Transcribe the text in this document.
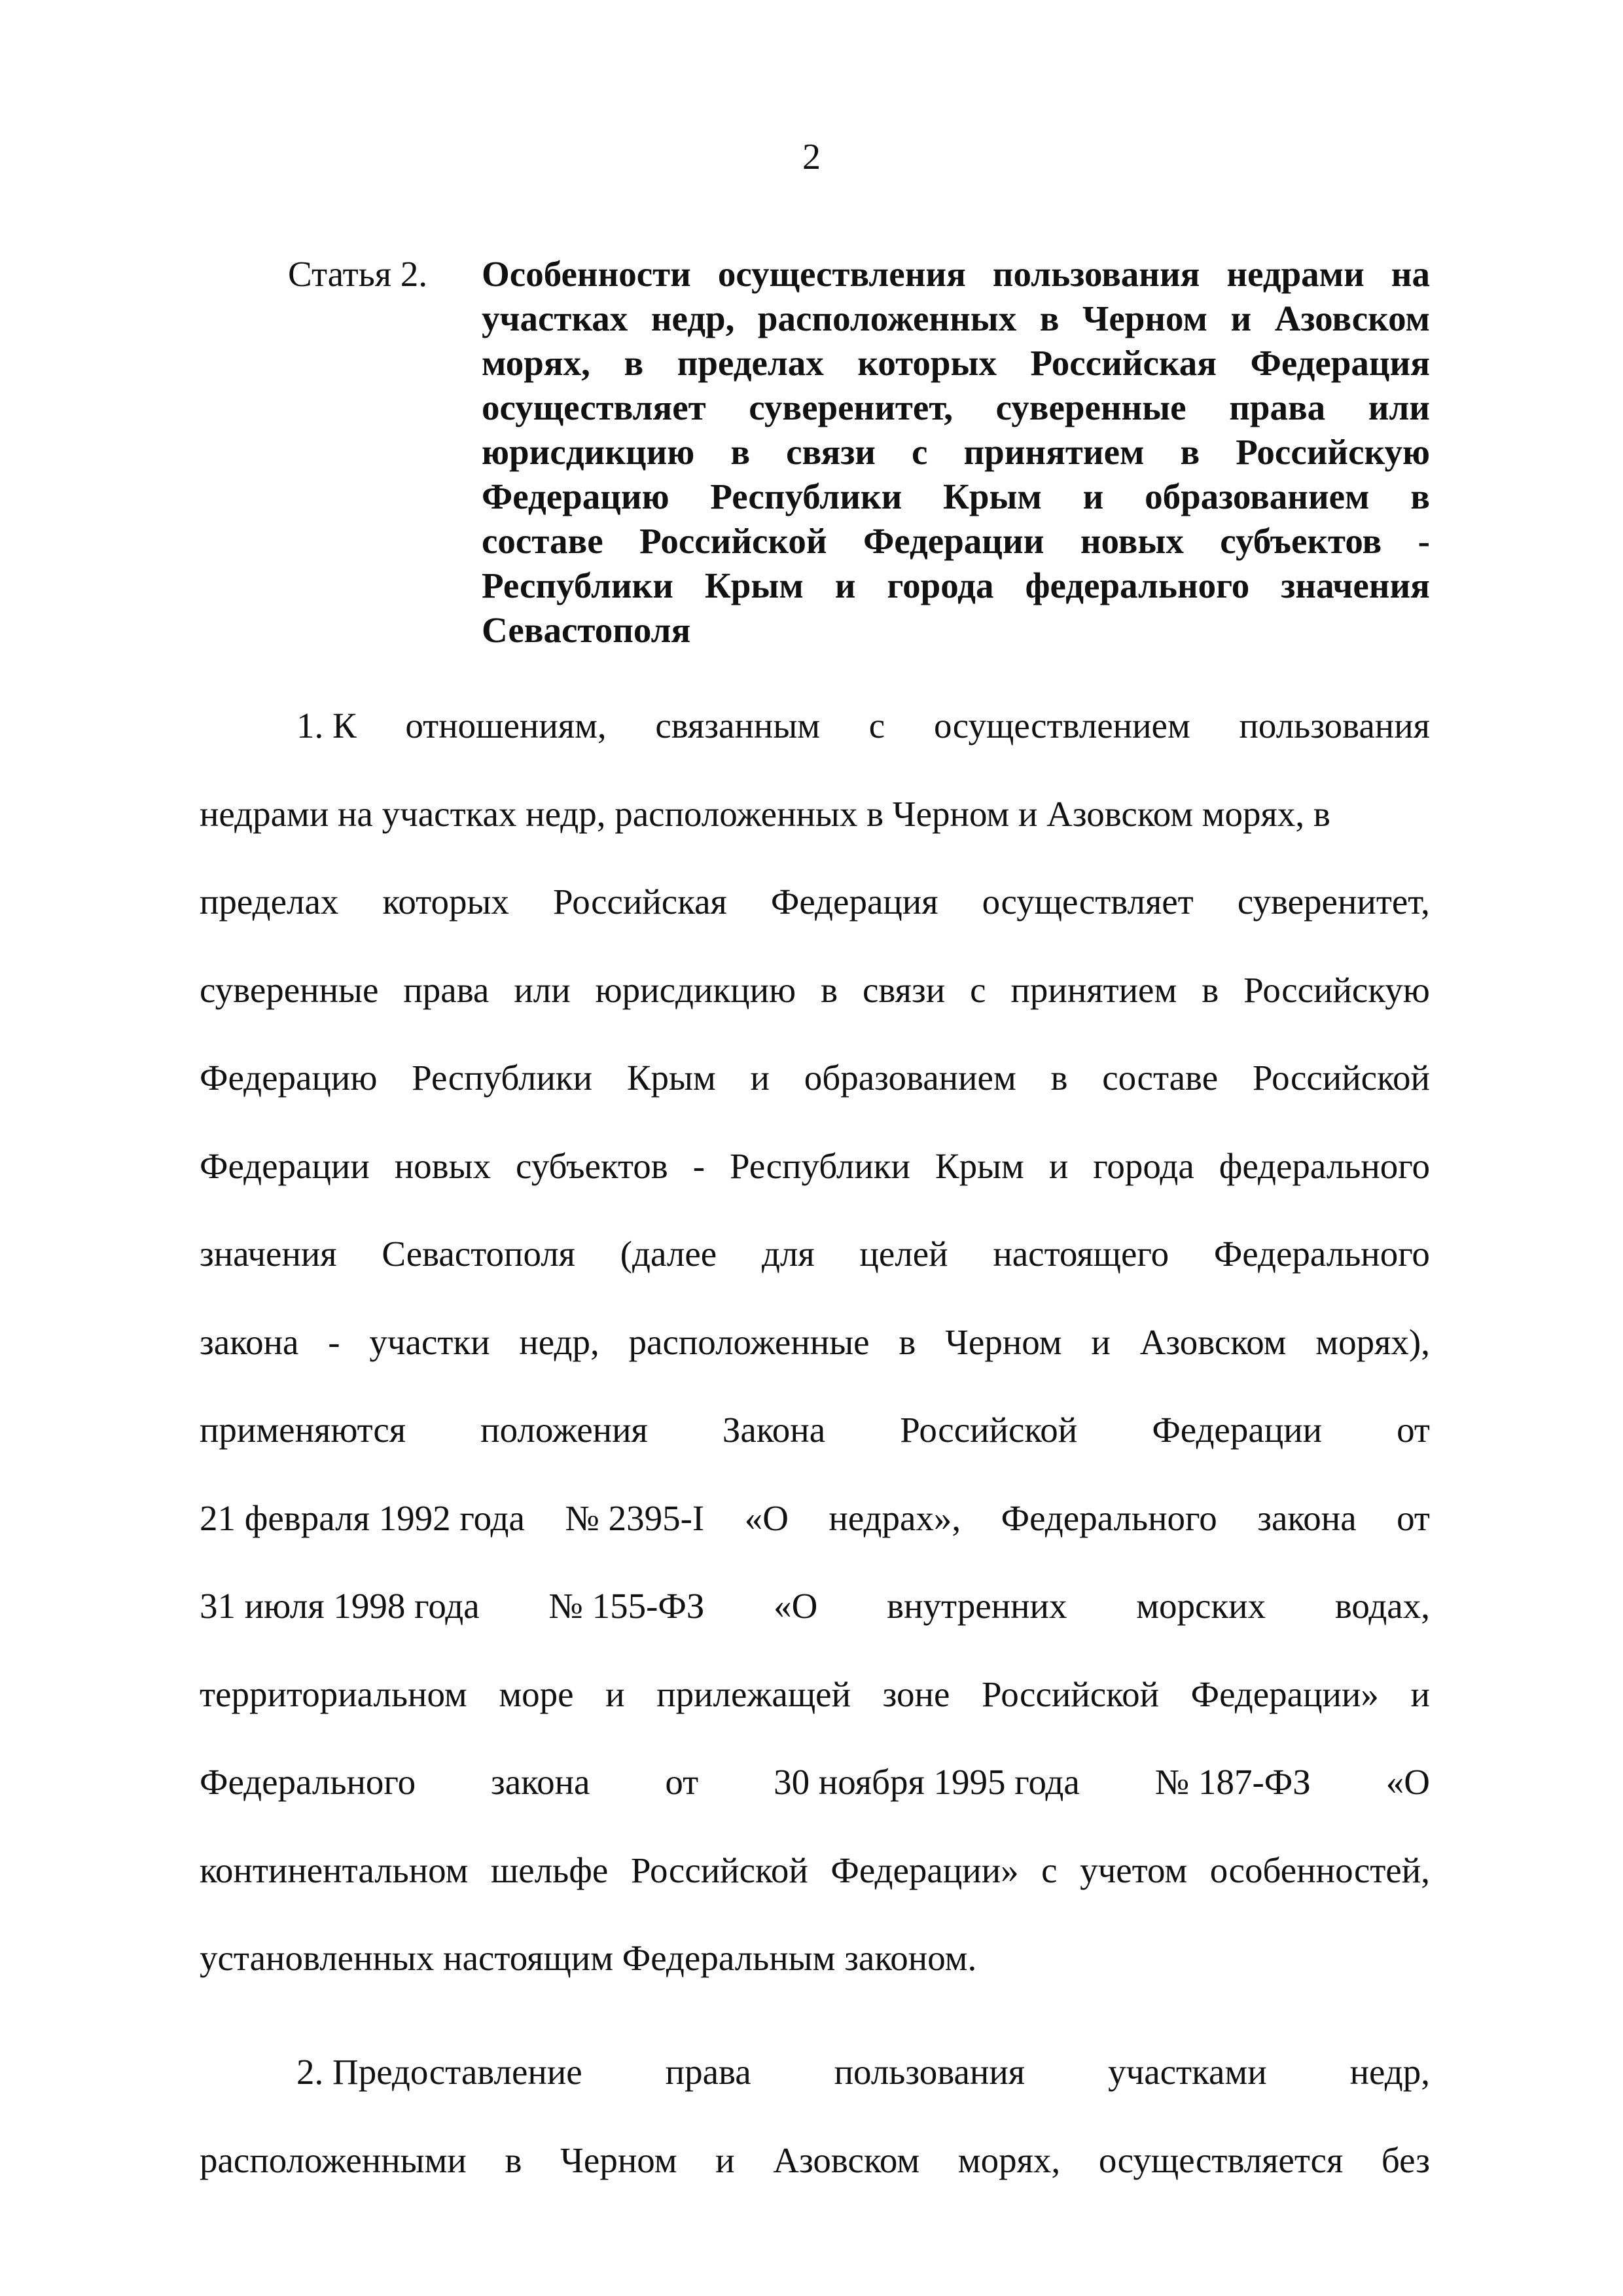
2
Статья 2. Особенности осуществления пользования недрами на
участках недр, расположенных в Черном и Азовском
морях, в пределах которых Российская Федерация
осуществляет суверенитет, суверенные права или
юрисдикцию в связи с принятием в Российскую
Федерацию Республики Крым и образованием в
составе Российской Федерации новых субъектов -
Республики Крым и города федерального значения
Севастополя
1. К отношениям, связанным с осуществлением пользования
недрами на участках недр, расположенных в Черном и Азовском морях, в
пределах которых Российская Федерация осуществляет суверенитет,
суверенные права или юрисдикцию в связи с принятием в Российскую
Федерацию Республики Крым и образованием в составе Российской
Федерации новых субъектов - Республики Крым и города федерального
значения Севастополя (далее для целей настоящего Федерального
закона - участки недр, расположенные в Черном и Азовском морях),
применяются положения Закона Российской Федерации от
21 февраля 1992 года № 2395-I «О недрах», Федерального закона от
31 июля 1998 года № 155-ФЗ «О внутренних морских водах,
территориальном море и прилежащей зоне Российской Федерации» и
Федерального закона от 30 ноября 1995 года № 187-ФЗ «О
континентальном шельфе Российской Федерации» с учетом особенностей,
установленных настоящим Федеральным законом.
2. Предоставление права пользования участками недр,
расположенными в Черном и Азовском морях, осуществляется без
